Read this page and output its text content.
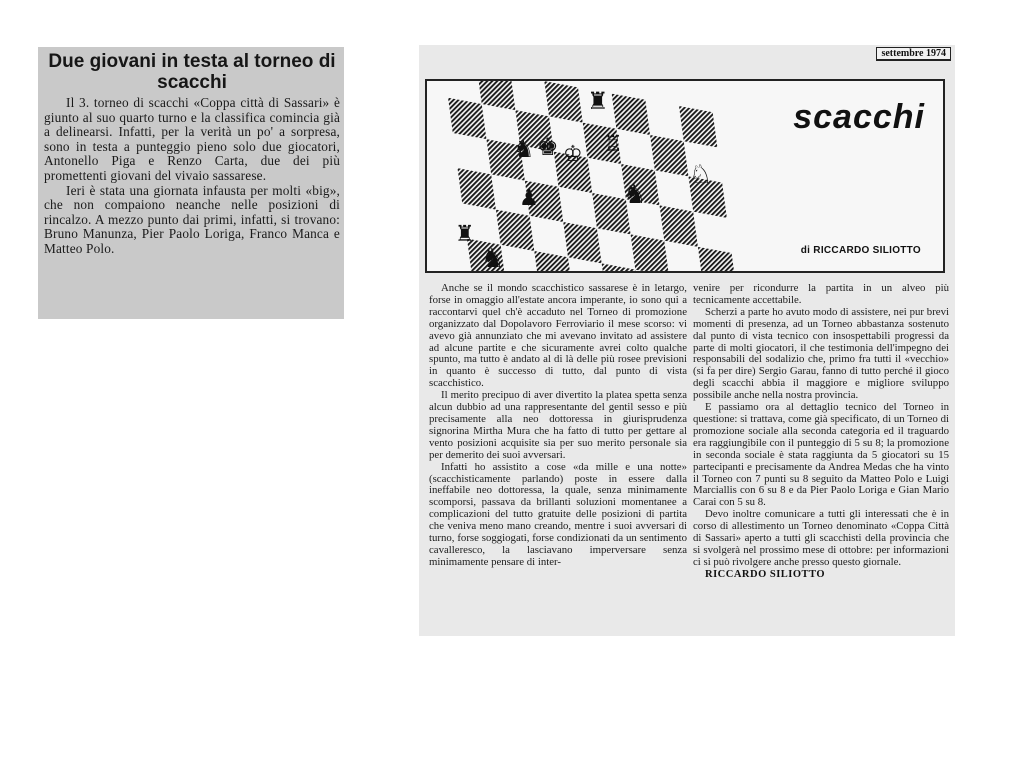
Due giovani in testa al torneo di scacchi

Il 3. torneo di scacchi «Coppa città di Sassari» è giunto al suo quarto turno e la classifica comincia già a delinearsi. Infatti, per la verità un po' a sorpresa, sono in testa a punteggio pieno solo due giocatori, Antonello Piga e Renzo Carta, due dei più promettenti giovani del vivaio sassarese.

Ieri è stata una giornata infausta per molti «big», che non compaiono neanche nelle posizioni di rincalzo. A mezzo punto dai primi, infatti, si trovano: Bruno Manunza, Pier Paolo Loriga, Franco Manca e Matteo Polo.

settembre 1974
♜
♞ ♚ ♔ ♖
♘
♟	♞
♜
♞
scacchi
di RICCARDO SILIOTTO

Anche se il mondo scacchistico sassarese è in letargo, forse in omaggio all'estate ancora imperante, io sono qui a raccontarvi quel ch'è accaduto nel Torneo di promozione organizzato dal Dopolavoro Ferroviario il mese scorso: vi avevo già annunziato che mi avevano invitato ad assistere ad alcune partite e che sicuramente avrei colto qualche spunto, ma tutto è andato al di là delle più rosee previsioni in quanto è successo di tutto, dal punto di vista scacchistico.

Il merito precipuo di aver divertito la platea spetta senza alcun dubbio ad una rappresentante del gentil sesso e più precisamente alla neo dottoressa in giurisprudenza signorina Mirtha Mura che ha fatto di tutto per gettare al vento posizioni acquisite sia per suo merito personale sia per demerito dei suoi avversari.

Infatti ho assistito a cose «da mille e una notte» (scacchisticamente parlando) poste in essere dalla ineffabile neo dottoressa, la quale, senza minimamente scomporsi, passava da brillanti soluzioni momentanee a complicazioni del tutto gratuite delle posizioni di partita che veniva meno mano creando, mentre i suoi avversari di turno, forse soggiogati, forse condizionati da un sentimento cavalleresco, la lasciavano imperversare senza minimamente pensare di inter-

venire per ricondurre la partita in un alveo più tecnicamente accettabile.

Scherzi a parte ho avuto modo di assistere, nei pur brevi momenti di presenza, ad un Torneo abbastanza sostenuto dal punto di vista tecnico con insospettabili progressi da parte di molti giocatori, il che testimonia dell'impegno dei responsabili del sodalizio che, primo fra tutti il «vecchio» (si fa per dire) Sergio Garau, fanno di tutto perché il gioco degli scacchi abbia il maggiore e migliore sviluppo possibile anche nella nostra provincia.

E passiamo ora al dettaglio tecnico del Torneo in questione: si trattava, come già specificato, di un Torneo di promozione sociale alla seconda categoria ed il traguardo era raggiungibile con il punteggio di 5 su 8; la promozione in seconda sociale è stata raggiunta da 5 giocatori su 15 partecipanti e precisamente da Andrea Medas che ha vinto il Torneo con 7 punti su 8 seguito da Matteo Polo e Luigi Marciallis con 6 su 8 e da Pier Paolo Loriga e Gian Mario Carai con 5 su 8.

Devo inoltre comunicare a tutti gli interessati che è in corso di allestimento un Torneo denominato «Coppa Città di Sassari» aperto a tutti gli scacchisti della provincia che si svolgerà nel prossimo mese di ottobre: per informazioni ci si può rivolgere anche presso questo giornale.

RICCARDO SILIOTTO
